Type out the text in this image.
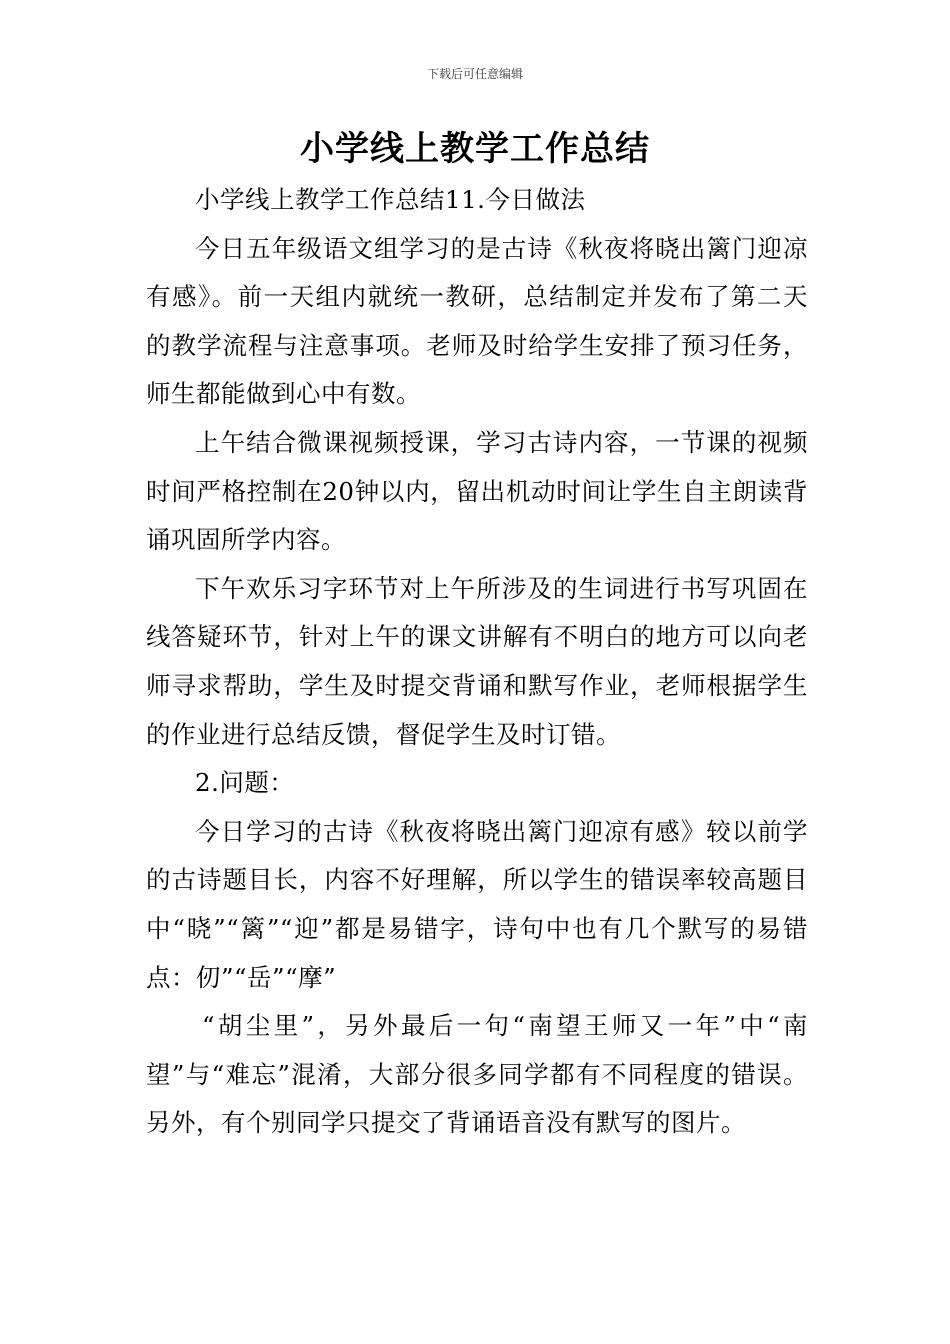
下载后可任意编辑
小学线上教学工作总结

小学线上教学工作总结11.今日做法

今日五年级语文组学习的是古诗《秋夜将晓出篱门迎凉有感》。前一天组内就统一教研，总结制定并发布了第二天的教学流程与注意事项。老师及时给学生安排了预习任务，师生都能做到心中有数。

上午结合微课视频授课，学习古诗内容，一节课的视频时间严格控制在20钟以内，留出机动时间让学生自主朗读背诵巩固所学内容。

下午欢乐习字环节对上午所涉及的生词进行书写巩固在线答疑环节，针对上午的课文讲解有不明白的地方可以向老师寻求帮助，学生及时提交背诵和默写作业，老师根据学生的作业进行总结反馈，督促学生及时订错。

2.问题：

今日学习的古诗《秋夜将晓出篱门迎凉有感》较以前学的古诗题目长，内容不好理解，所以学生的错误率较高题目中“晓”“篱”“迎”都是易错字，诗句中也有几个默写的易错点：仞”“岳”“摩”

“胡尘里”，另外最后一句“南望王师又一年”中“南望”与“难忘”混淆，大部分很多同学都有不同程度的错误。另外，有个别同学只提交了背诵语音没有默写的图片。
